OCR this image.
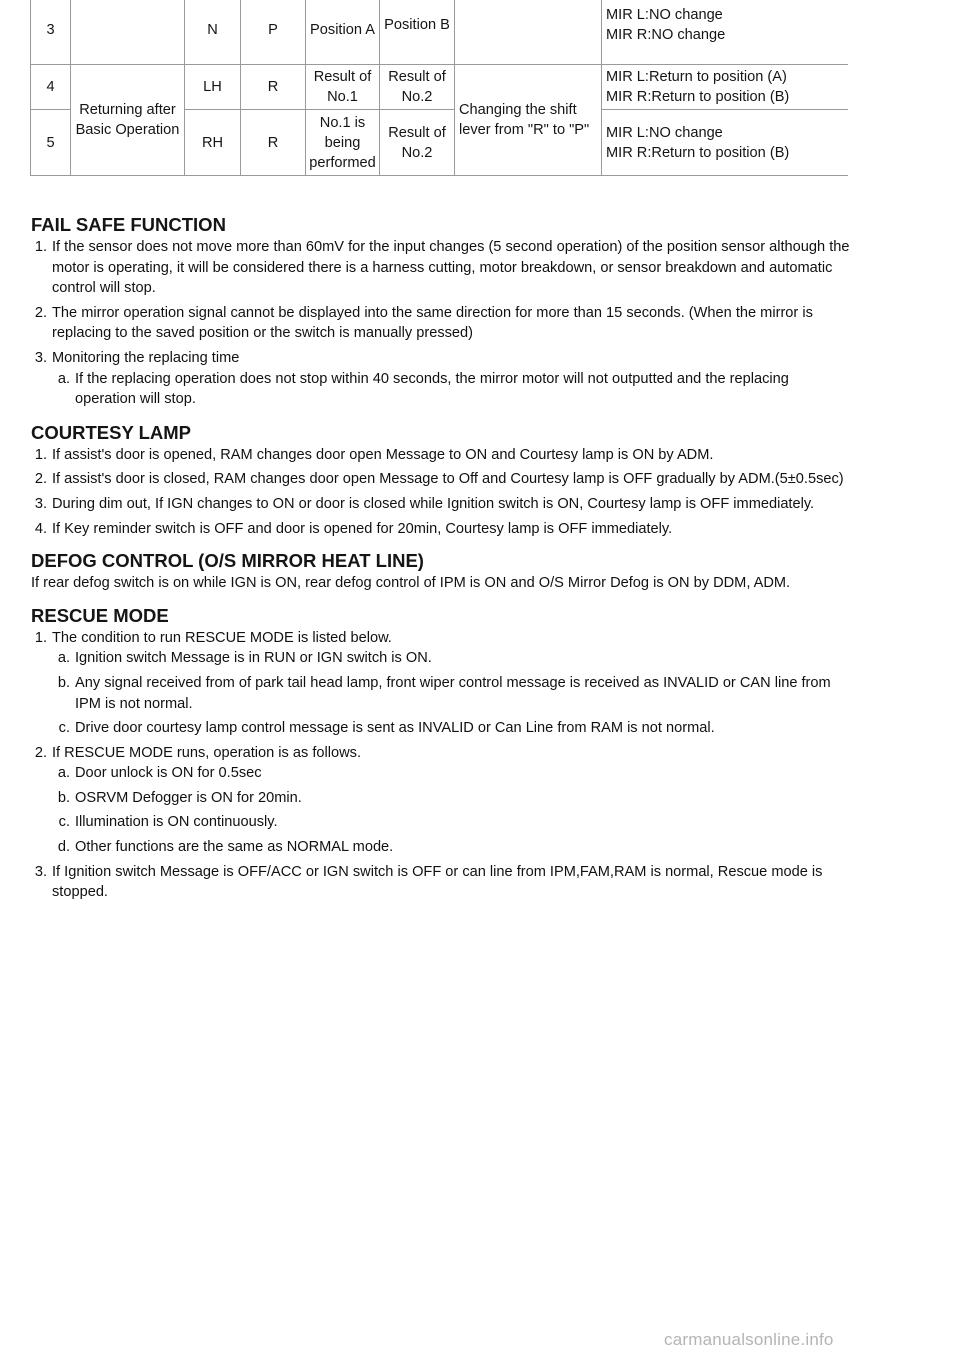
3		N	P	Position A	Position B		MIR L:NO change
MIR R:NO change

4	Returning after Basic Operation	LH	R	Result of No.1	Result of No.2	Changing the shift lever from "R" to "P"	MIR L:Return to position (A)
MIR R:Return to position (B)
5		RH	R	No.1 is being performed	Result of No.2		MIR L:NO change
MIR R:Return to position (B)
FAIL SAFE FUNCTION
1. If the sensor does not move more than 60mV for the input changes (5 second operation) of the position sensor although the motor is operating, it will be considered there is a harness cutting, motor breakdown, or sensor breakdown and automatic control will stop.
2. The mirror operation signal cannot be displayed into the same direction for more than 15 seconds. (When the mirror is replacing to the saved position or the switch is manually pressed)
3. Monitoring the replacing time
a. If the replacing operation does not stop within 40 seconds, the mirror motor will not outputted and the replacing operation will stop.
COURTESY LAMP
1. If assist's door is opened, RAM changes door open Message to ON and Courtesy lamp is ON by ADM.
2. If assist's door is closed, RAM changes door open Message to Off and Courtesy lamp is OFF gradually by ADM.(5±0.5sec)
3. During dim out, If IGN changes to ON or door is closed while Ignition switch is ON, Courtesy lamp is OFF immediately.
4. If Key reminder switch is OFF and door is opened for 20min, Courtesy lamp is OFF immediately.
DEFOG CONTROL (O/S MIRROR HEAT LINE)

If rear defog switch is on while IGN is ON, rear defog control of IPM is ON and O/S Mirror Defog is ON by DDM, ADM.

RESCUE MODE
1. The condition to run RESCUE MODE is listed below.
a. Ignition switch Message is in RUN or IGN switch is ON.
b. Any signal received from of park tail head lamp, front wiper control message is received as INVALID or CAN line from IPM is not normal.
c. Drive door courtesy lamp control message is sent as INVALID or Can Line from RAM is not normal.
2. If RESCUE MODE runs, operation is as follows.
a. Door unlock is ON for 0.5sec
b. OSRVM Defogger is ON for 20min.
c. Illumination is ON continuously.
d. Other functions are the same as NORMAL mode.
3. If Ignition switch Message is OFF/ACC or IGN switch is OFF or can line from IPM,FAM,RAM is normal, Rescue mode is stopped.
carmanualsonline.info
